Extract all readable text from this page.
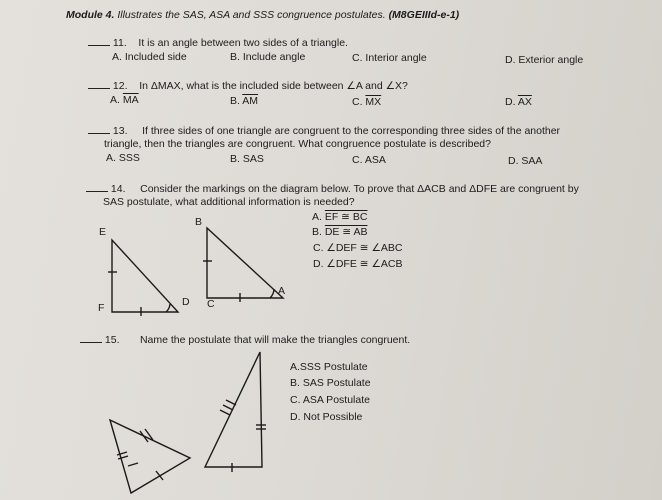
Module 4. Illustrates the SAS, ASA and SSS congruence postulates. (M8GEIIId-e-1)
11. It is an angle between two sides of a triangle.
A. Included side	B. Include angle	C. Interior angle	D. Exterior angle
12. In ΔMAX, what is the included side between ∠A and ∠X?
A. $\overline{MA}$	B. $\overline{AM}$	C. $\overline{MX}$	D. $\overline{AX}$
13. If three sides of one triangle are congruent to the corresponding three sides of the another
triangle, then the triangles are congruent. What congruence postulate is described?
A. SSS	B. SAS	C. ASA	D. SAA
14. Consider the markings on the diagram below. To prove that ΔACB and ΔDFE are congruent by
SAS postulate, what additional information is needed?
A. EF ≅ BC
B. DE ≅ AB
C. ∠DEF ≅ ∠ABC
D. ∠DFE ≅ ∠ACB
E
B
F	D C
A
15. Name the postulate that will make the triangles congruent.
A.SSS Postulate
B. SAS Postulate
C. ASA Postulate
D. Not Possible
